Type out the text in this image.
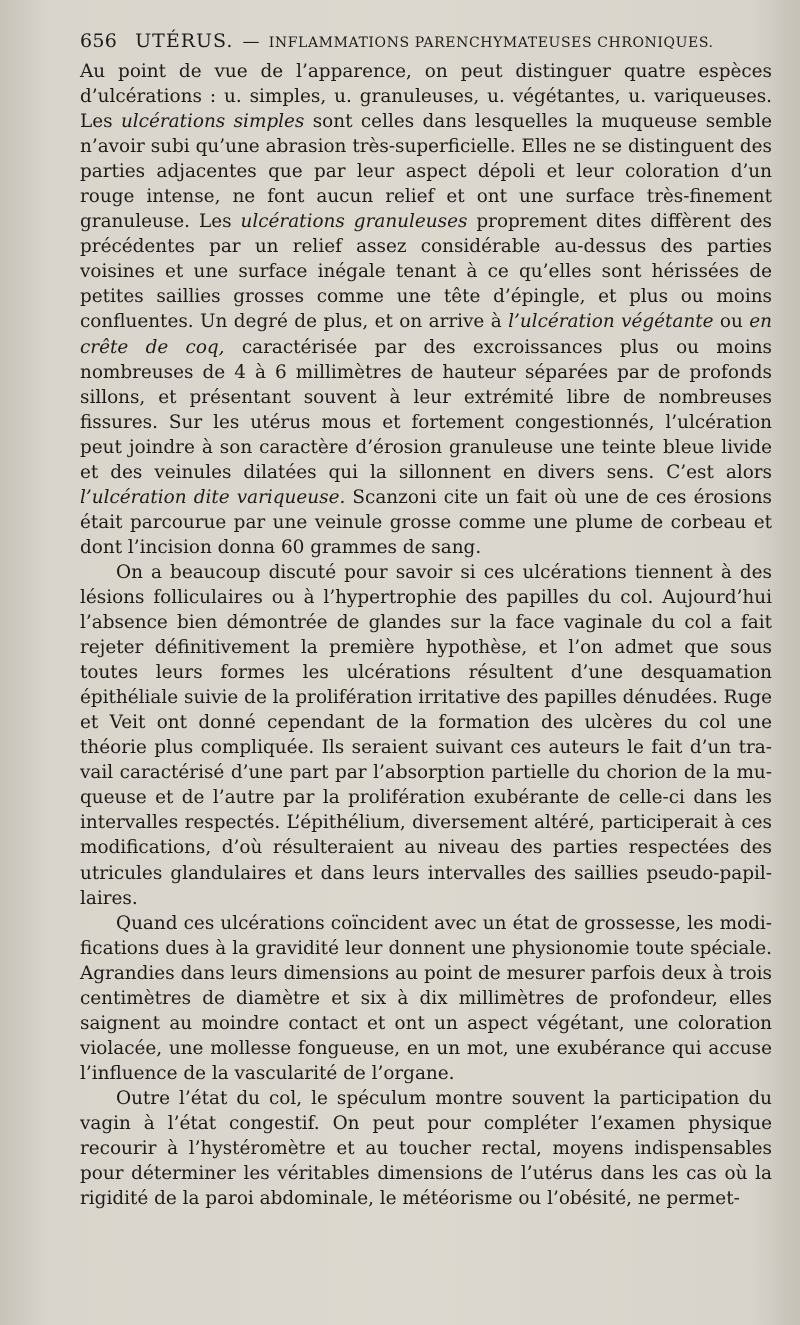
656 UTÉRUS. — INFLAMMATIONS PARENCHYMATEUSES CHRONIQUES.

Au point de vue de l’apparence, on peut distinguer quatre espèces d’ulcérations : u. simples, u. granuleuses, u. végétantes, u. variqueuses. Les ulcérations simples sont celles dans lesquelles la muqueuse semble n’avoir subi qu’une abrasion très-superficielle. Elles ne se distinguent des parties adjacentes que par leur aspect dépoli et leur coloration d’un rouge intense, ne font aucun relief et ont une surface très-finement granuleuse. Les ulcérations granuleuses proprement dites diffèrent des précédentes par un relief assez considérable au-dessus des parties voisines et une surface inégale tenant à ce qu’elles sont hérissées de petites saillies grosses comme une tête d’épingle, et plus ou moins confluentes. Un degré de plus, et on arrive à l’ulcération végétante ou en crête de coq, caractérisée par des excroissances plus ou moins nombreuses de 4 à 6 millimètres de hauteur séparées par de profonds sillons, et présentant souvent à leur extrémité libre de nombreuses fissures. Sur les utérus mous et fortement congestionnés, l’ulcération peut joindre à son caractère d’érosion granuleuse une teinte bleue livide et des veinules dilatées qui la sillonnent en divers sens. C’est alors l’ulcération dite variqueuse. Scanzoni cite un fait où une de ces érosions était parcourue par une veinule grosse comme une plume de corbeau et dont l’incision donna 60 grammes de sang.

On a beaucoup discuté pour savoir si ces ulcérations tiennent à des lésions folliculaires ou à l’hypertrophie des papilles du col. Aujourd’hui l’absence bien démontrée de glandes sur la face vaginale du col a fait rejeter définitivement la première hypothèse, et l’on admet que sous toutes leurs formes les ulcérations résultent d’une desquamation épithéliale suivie de la prolifération irritative des papilles dénudées. Ruge et Veit ont donné cependant de la formation des ulcères du col une théorie plus compliquée. Ils seraient suivant ces auteurs le fait d’un travail caractérisé d’une part par l’absorption partielle du chorion de la muqueuse et de l’autre par la prolifération exubérante de celle-ci dans les intervalles respectés. L’épithélium, diversement altéré, participerait à ces modifications, d’où résulteraient au niveau des parties respectées des utricules glandulaires et dans leurs intervalles des saillies pseudo-papillaires.

Quand ces ulcérations coïncident avec un état de grossesse, les modifications dues à la gravidité leur donnent une physionomie toute spéciale. Agrandies dans leurs dimensions au point de mesurer parfois deux à trois centimètres de diamètre et six à dix millimètres de profondeur, elles saignent au moindre contact et ont un aspect végétant, une coloration violacée, une mollesse fongueuse, en un mot, une exubérance qui accuse l’influence de la vascularité de l’organe.

Outre l’état du col, le spéculum montre souvent la participation du vagin à l’état congestif. On peut pour compléter l’examen physique recourir à l’hystéromètre et au toucher rectal, moyens indispensables pour déterminer les véritables dimensions de l’utérus dans les cas où la rigidité de la paroi abdominale, le météorisme ou l’obésité, ne permet-
